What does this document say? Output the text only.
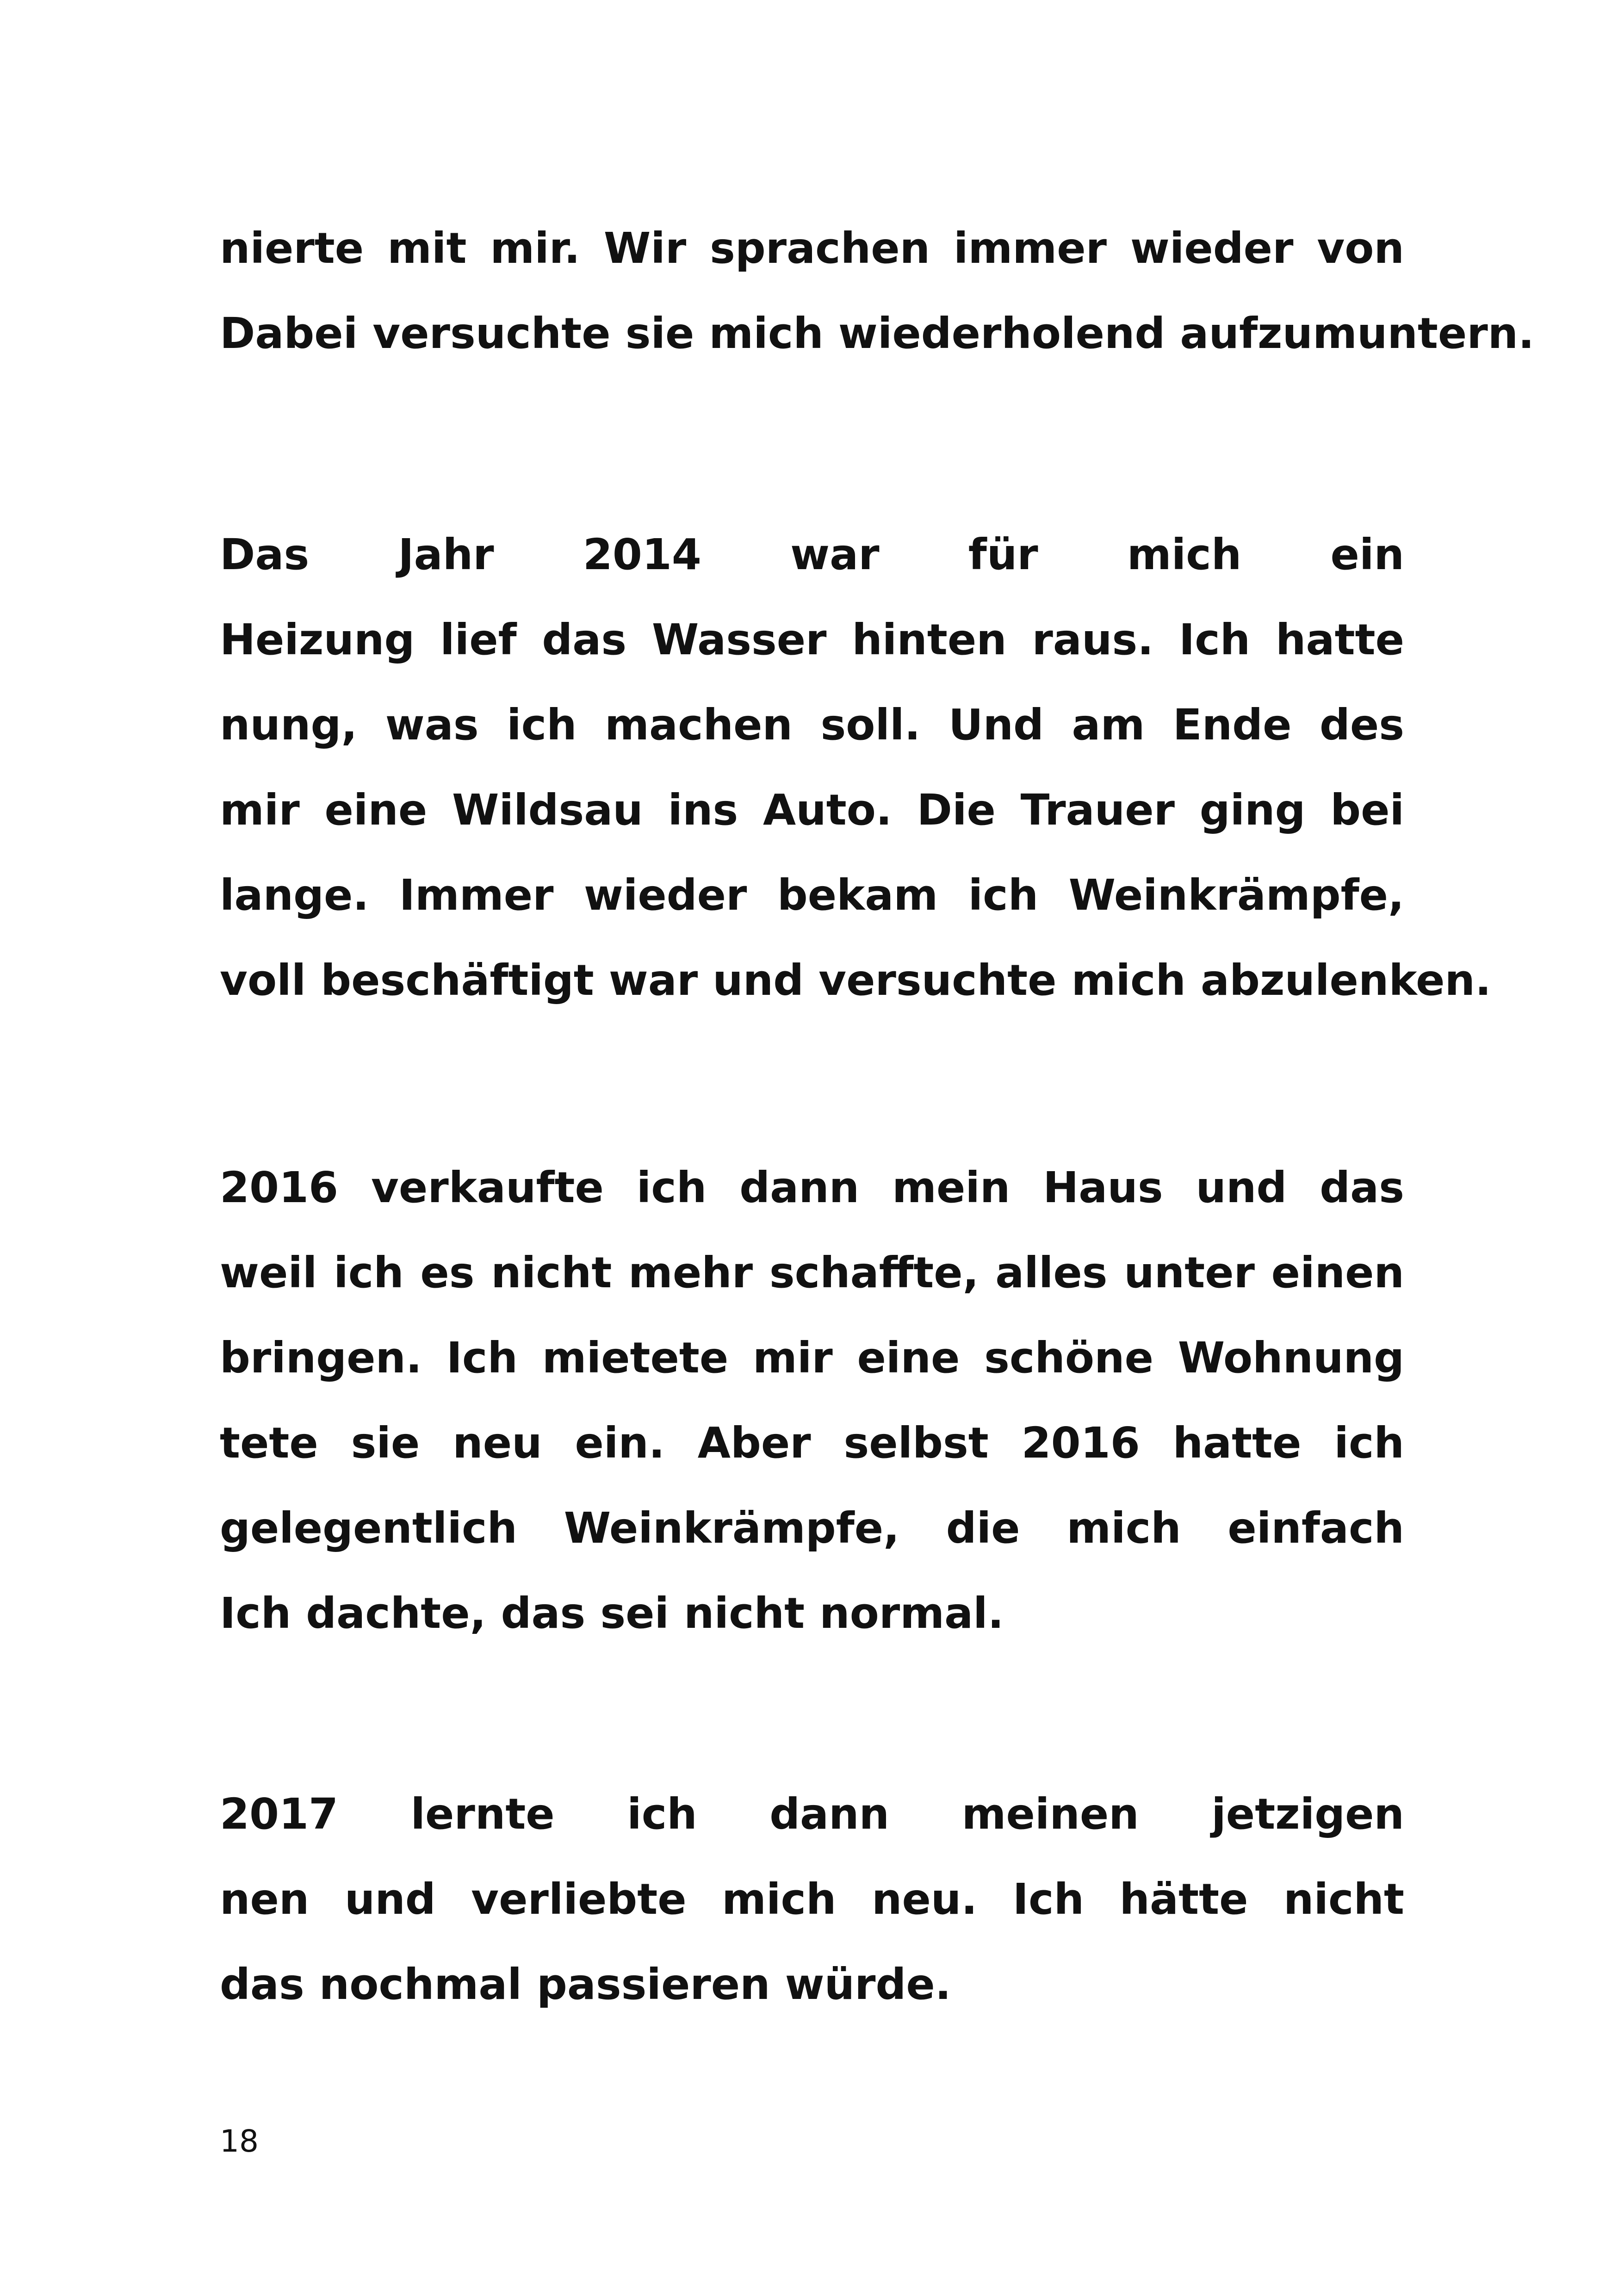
nierte mit mir. Wir sprachen immer wieder von
Dabei versuchte sie mich wiederholend aufzumuntern.
Das Jahr 2014 war für mich ein
Heizung lief das Wasser hinten raus. Ich hatte
nung, was ich machen soll. Und am Ende des
mir eine Wildsau ins Auto. Die Trauer ging bei
lange. Immer wieder bekam ich Weinkrämpfe,
voll beschäftigt war und versuchte mich abzulenken.
2016 verkaufte ich dann mein Haus und das
weil ich es nicht mehr schaffte, alles unter einen
bringen. Ich mietete mir eine schöne Wohnung
tete sie neu ein. Aber selbst 2016 hatte ich
gelegentlich Weinkrämpfe, die mich einfach
Ich dachte, das sei nicht normal.
2017 lernte ich dann meinen jetzigen
nen und verliebte mich neu. Ich hätte nicht
das nochmal passieren würde.
18
